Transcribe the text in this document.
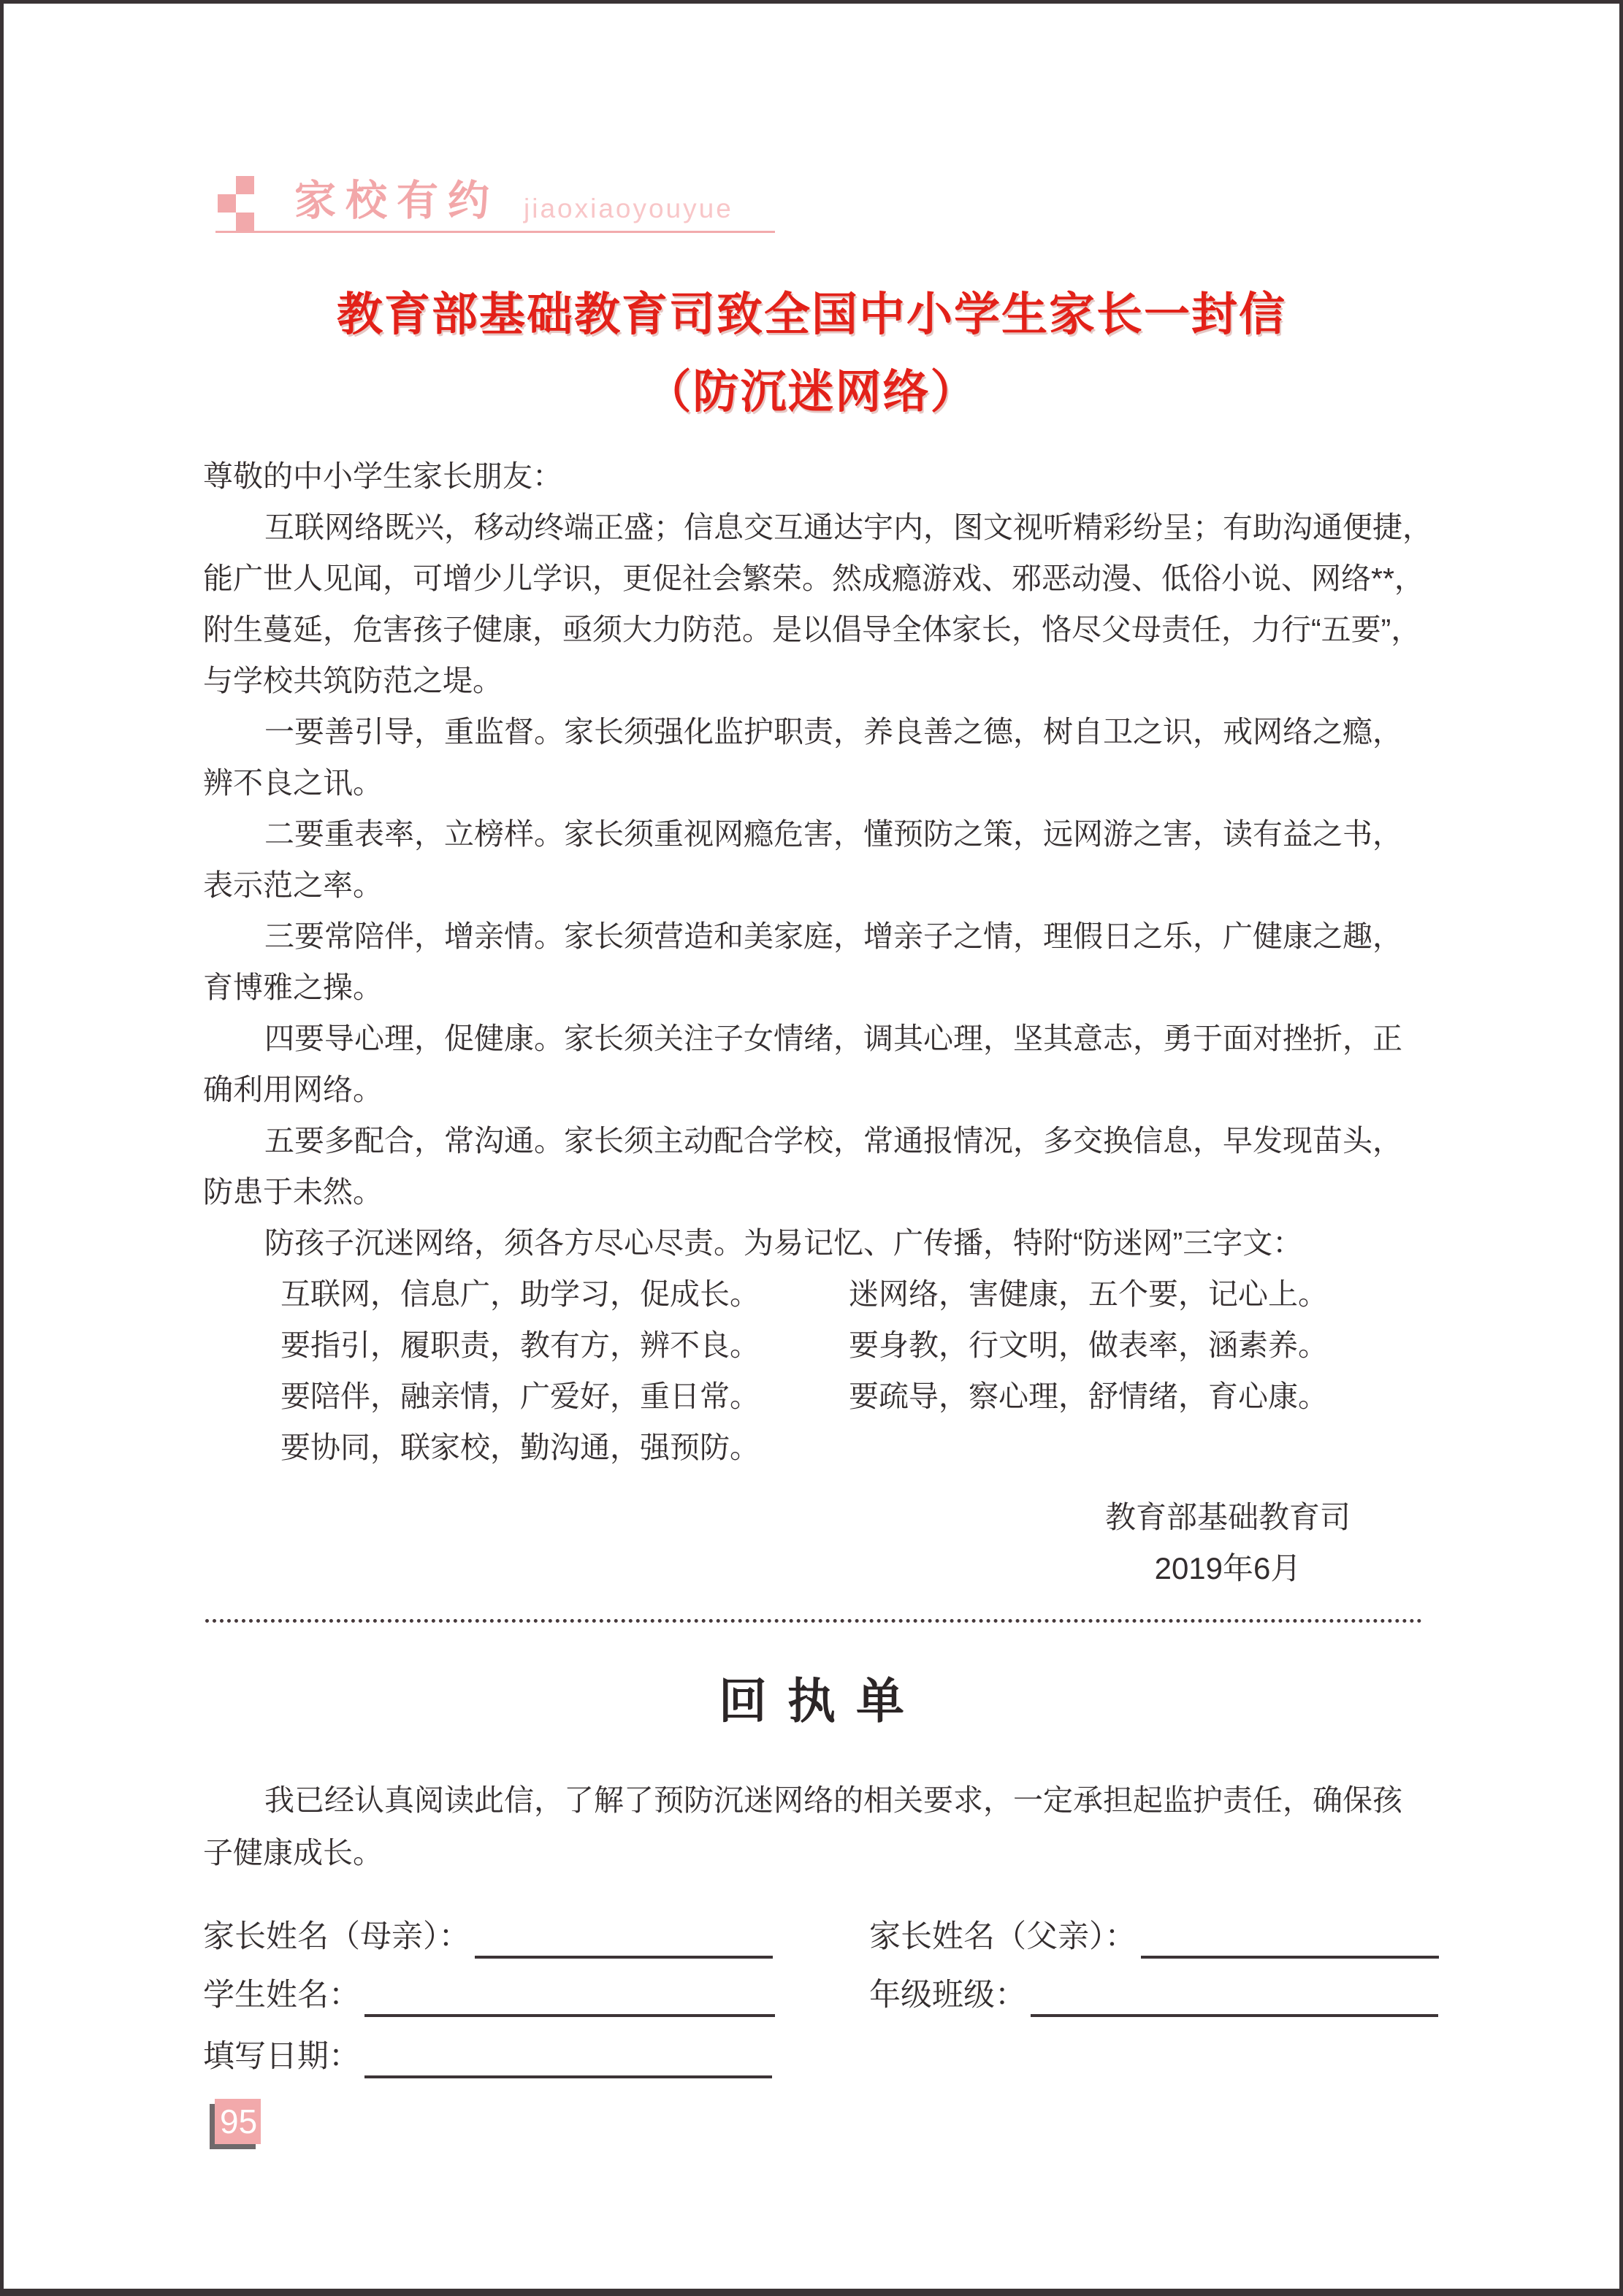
家校有约 jiaoxiaoyouyue
教育部基础教育司致全国中小学生家长一封信
（防沉迷网络）
尊敬的中小学生家长朋友：
互联网络既兴，移动终端正盛；信息交互通达宇内，图文视听精彩纷呈；有助沟通便捷，
能广世人见闻，可增少儿学识，更促社会繁荣。然成瘾游戏、邪恶动漫、低俗小说、网络**，
附生蔓延，危害孩子健康，亟须大力防范。是以倡导全体家长，恪尽父母责任，力行“五要”，
与学校共筑防范之堤。
一要善引导，重监督。家长须强化监护职责，养良善之德，树自卫之识，戒网络之瘾，
辨不良之讯。
二要重表率，立榜样。家长须重视网瘾危害，懂预防之策，远网游之害，读有益之书，
表示范之率。
三要常陪伴，增亲情。家长须营造和美家庭，增亲子之情，理假日之乐，广健康之趣，
育博雅之操。
四要导心理，促健康。家长须关注子女情绪，调其心理，坚其意志，勇于面对挫折，正
确利用网络。
五要多配合，常沟通。家长须主动配合学校，常通报情况，多交换信息，早发现苗头，
防患于未然。
防孩子沉迷网络，须各方尽心尽责。为易记忆、广传播，特附“防迷网”三字文：
互联网，信息广，助学习，促成长。	迷网络，害健康，五个要，记心上。
要指引，履职责，教有方，辨不良。	要身教，行文明，做表率，涵素养。
要陪伴，融亲情，广爱好，重日常。	要疏导，察心理，舒情绪，育心康。
要协同，联家校，勤沟通，强预防。
教育部基础教育司
2019年6月
回执单
我已经认真阅读此信，了解了预防沉迷网络的相关要求，一定承担起监护责任，确保孩
子健康成长。
家长姓名（母亲）：	家长姓名（父亲）：
学生姓名：	年级班级：
填写日期：
95
